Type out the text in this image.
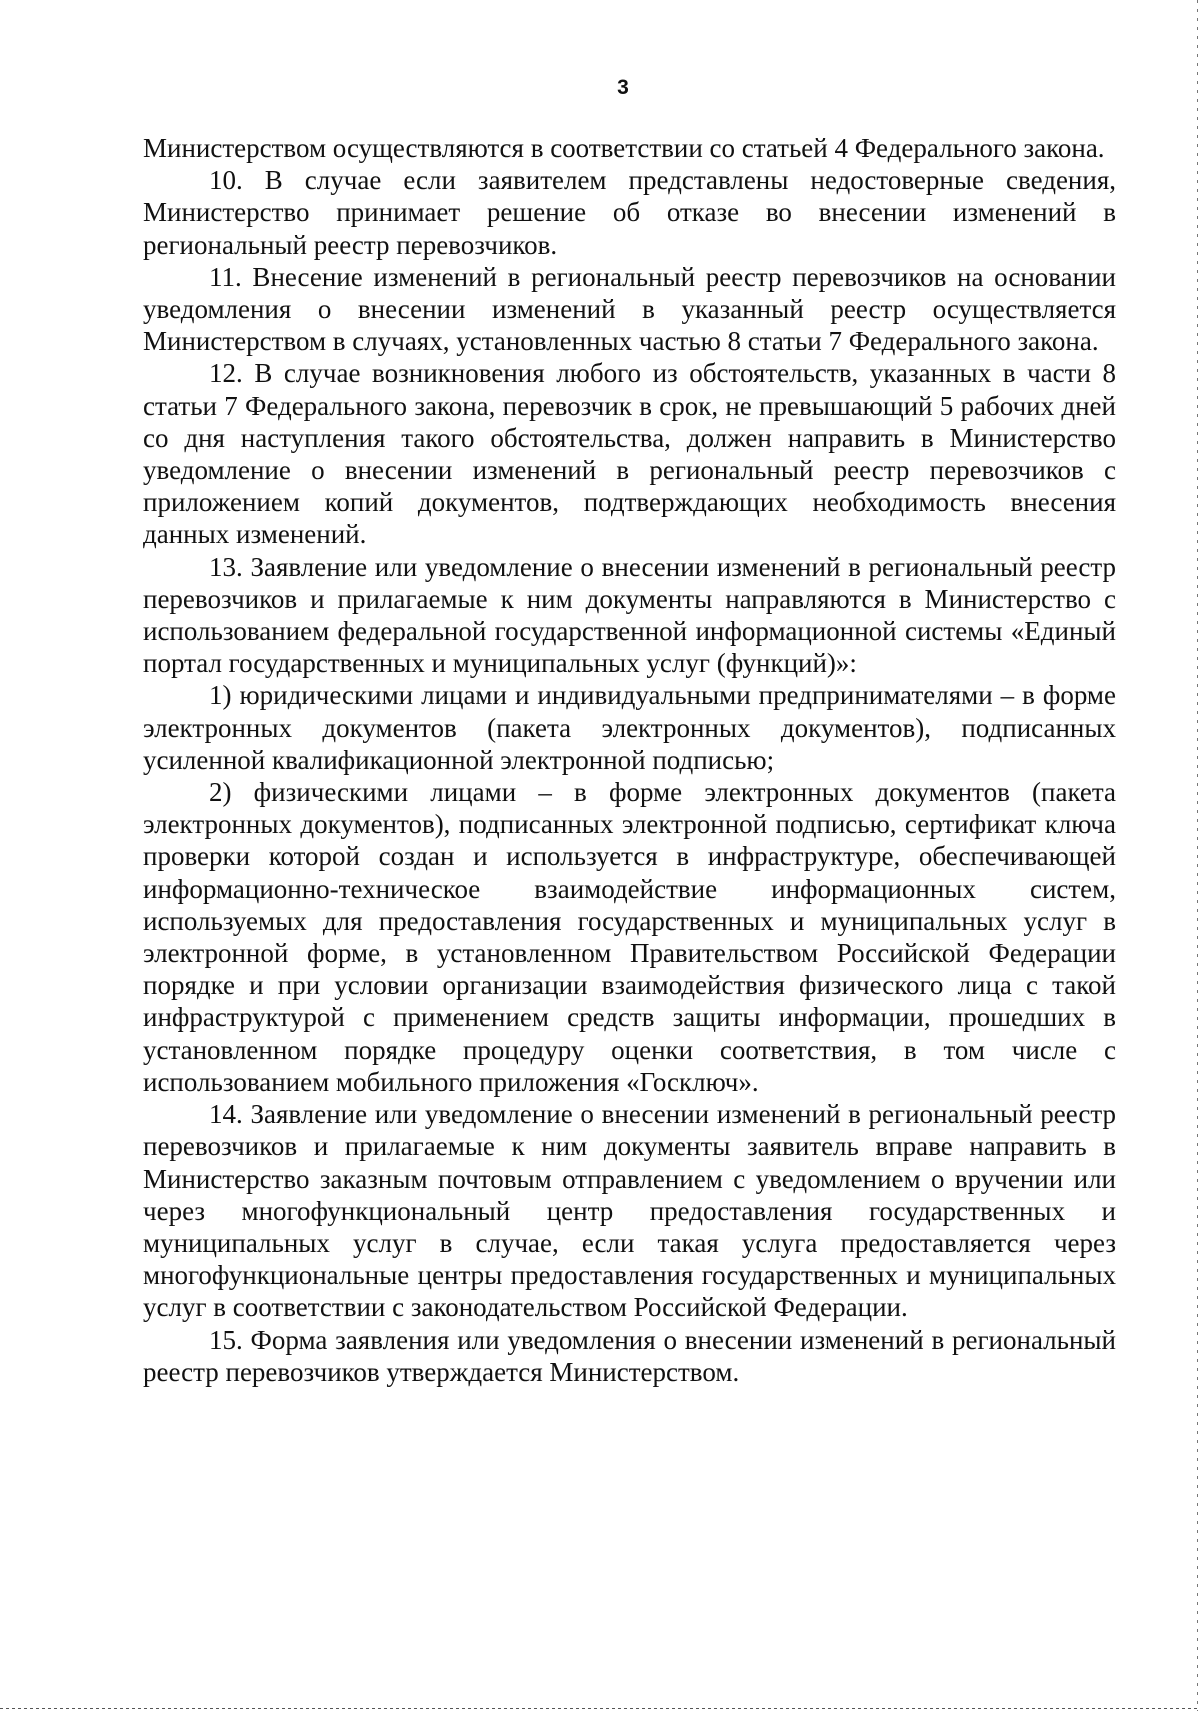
3

Министерством осуществляются в соответствии со статьей 4 Федерального закона.

10. В случае если заявителем представлены недостоверные сведения, Министерство принимает решение об отказе во внесении изменений в региональный реестр перевозчиков.

11. Внесение изменений в региональный реестр перевозчиков на основании уведомления о внесении изменений в указанный реестр осуществляется Министерством в случаях, установленных частью 8 статьи 7 Федерального закона.

12. В случае возникновения любого из обстоятельств, указанных в части 8 статьи 7 Федерального закона, перевозчик в срок, не превышающий 5 рабочих дней со дня наступления такого обстоятельства, должен направить в Министерство уведомление о внесении изменений в региональный реестр перевозчиков с приложением копий документов, подтверждающих необходимость внесения данных изменений.

13. Заявление или уведомление о внесении изменений в региональный реестр перевозчиков и прилагаемые к ним документы направляются в Министерство с использованием федеральной государственной информационной системы «Единый портал государственных и муниципальных услуг (функций)»:

1) юридическими лицами и индивидуальными предпринимателями – в форме электронных документов (пакета электронных документов), подписанных усиленной квалификационной электронной подписью;

2) физическими лицами – в форме электронных документов (пакета электронных документов), подписанных электронной подписью, сертификат ключа проверки которой создан и используется в инфраструктуре, обеспечивающей информационно-техническое взаимодействие информационных систем, используемых для предоставления государственных и муниципальных услуг в электронной форме, в установленном Правительством Российской Федерации порядке и при условии организации взаимодействия физического лица с такой инфраструктурой с применением средств защиты информации, прошедших в установленном порядке процедуру оценки соответствия, в том числе с использованием мобильного приложения «Госключ».

14. Заявление или уведомление о внесении изменений в региональный реестр перевозчиков и прилагаемые к ним документы заявитель вправе направить в Министерство заказным почтовым отправлением с уведомлением о вручении или через многофункциональный центр предоставления государственных и муниципальных услуг в случае, если такая услуга предоставляется через многофункциональные центры предоставления государственных и муниципальных услуг в соответствии с законодательством Российской Федерации.

15. Форма заявления или уведомления о внесении изменений в региональный реестр перевозчиков утверждается Министерством.
